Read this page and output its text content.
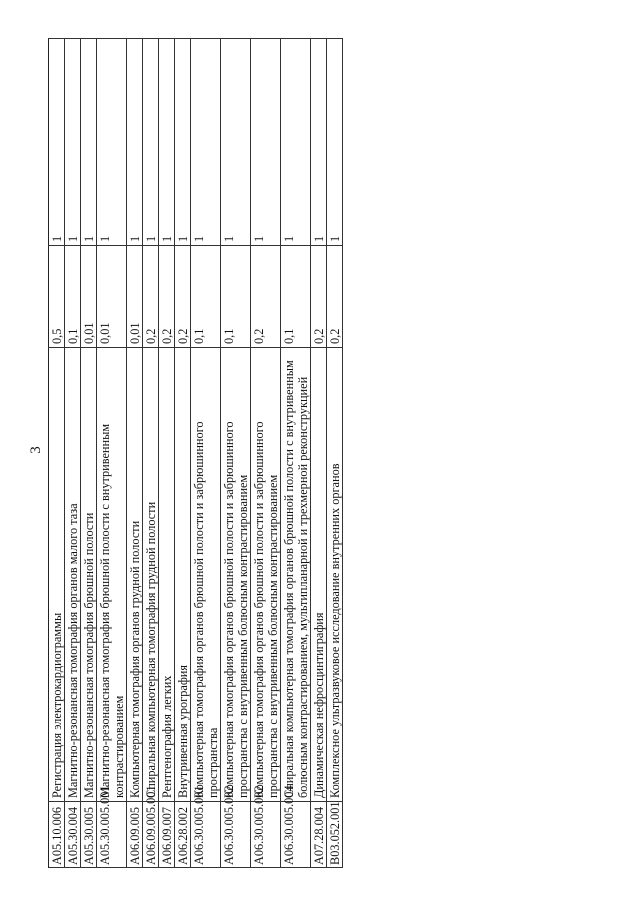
3
A05.10.006	Регистрация электрокардиограммы	0,5	1
A05.30.004	Магнитно-резонансная томография органов малого таза	0,1	1
A05.30.005	Магнитно-резонансная томография брюшной полости	0,01	1
A05.30.005.001	Магнитно-резонансная томография брюшной полости с внутривенным контрастированием	0,01	1
A06.09.005	Компьютерная томография органов грудной полости	0,01	1
A06.09.005.001	Спиральная компьютерная томография грудной полости	0,2	1
A06.09.007	Рентгенография легких	0,2	1
A06.28.002	Внутривенная урография	0,2	1
A06.30.005.001	Компьютерная томография органов брюшной полости и забрюшинного пространства	0,1	1
A06.30.005.002	Компьютерная томография органов брюшной полости и забрюшинного пространства с внутривенным болюсным контрастированием	0,1	1
A06.30.005.002	Компьютерная томография органов брюшной полости и забрюшинного пространства с внутривенным болюсным контрастированием	0,2	1
A06.30.005.004	Спиральная компьютерная томография органов брюшной полости с внутривенным болюсным контрастированием, мультипланарной и трехмерной реконструкцией	0,1	1
A07.28.004	Динамическая нефросцинтиграфия	0,2	1
B03.052.001	Комплексное ультразвуковое исследование внутренних органов	0,2	1
